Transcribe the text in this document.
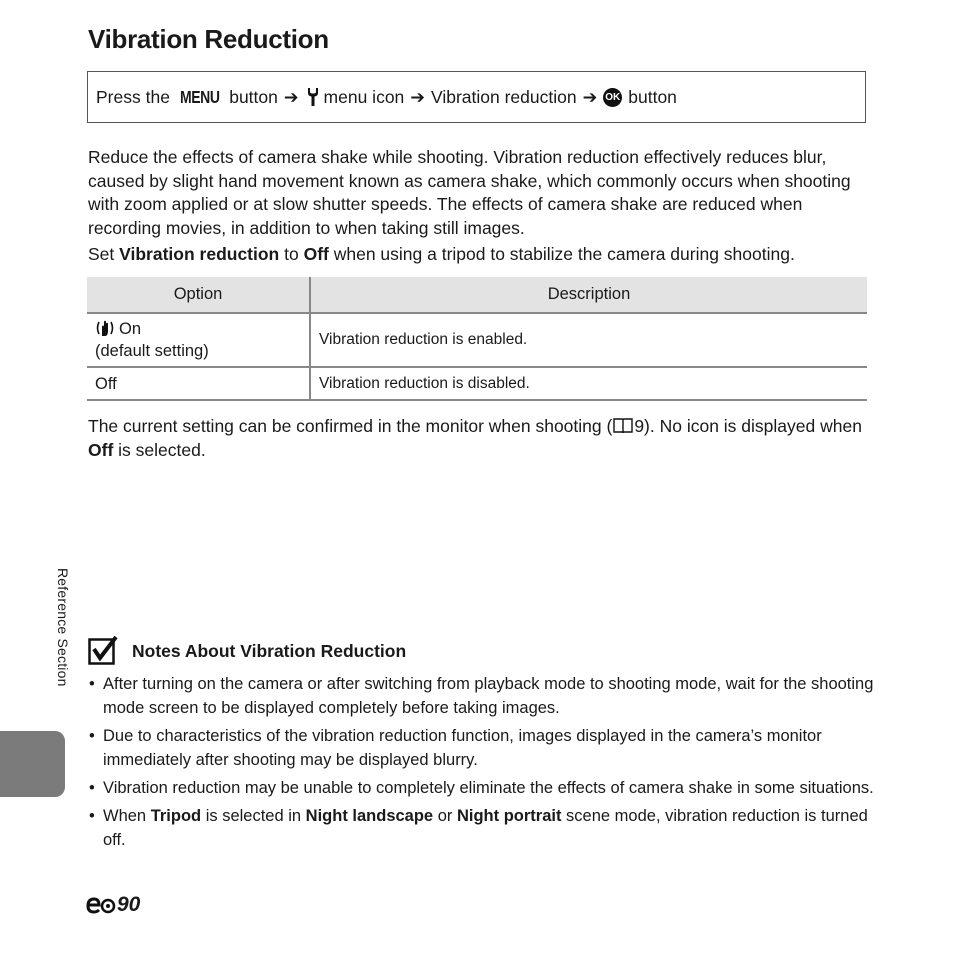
Vibration Reduction
Press the
MENU
button ➔ menu icon ➔ Vibration reduction ➔ OK button
Reduce the effects of camera shake while shooting. Vibration reduction effectively reduces blur, caused by slight hand movement known as camera shake, which commonly occurs when shooting with zoom applied or at slow shutter speeds. The effects of camera shake are reduced when recording movies, in addition to when taking still images.
Set Vibration reduction to Off when using a tripod to stabilize the camera during shooting.
Option	Description
On
(default setting)	Vibration reduction is enabled.
Off	Vibration reduction is disabled.
The current setting can be confirmed in the monitor when shooting ( 9). No icon is displayed when Off is selected.
Reference Section	Notes About Vibration Reduction
• After turning on the camera or after switching from playback mode to shooting mode, wait for the shooting mode screen to be displayed completely before taking images.
• Due to characteristics of the vibration reduction function, images displayed in the camera’s monitor immediately after shooting may be displayed blurry.
• Vibration reduction may be unable to completely eliminate the effects of camera shake in some situations.
• When Tripod is selected in Night landscape or Night portrait scene mode, vibration reduction is turned off.
90
